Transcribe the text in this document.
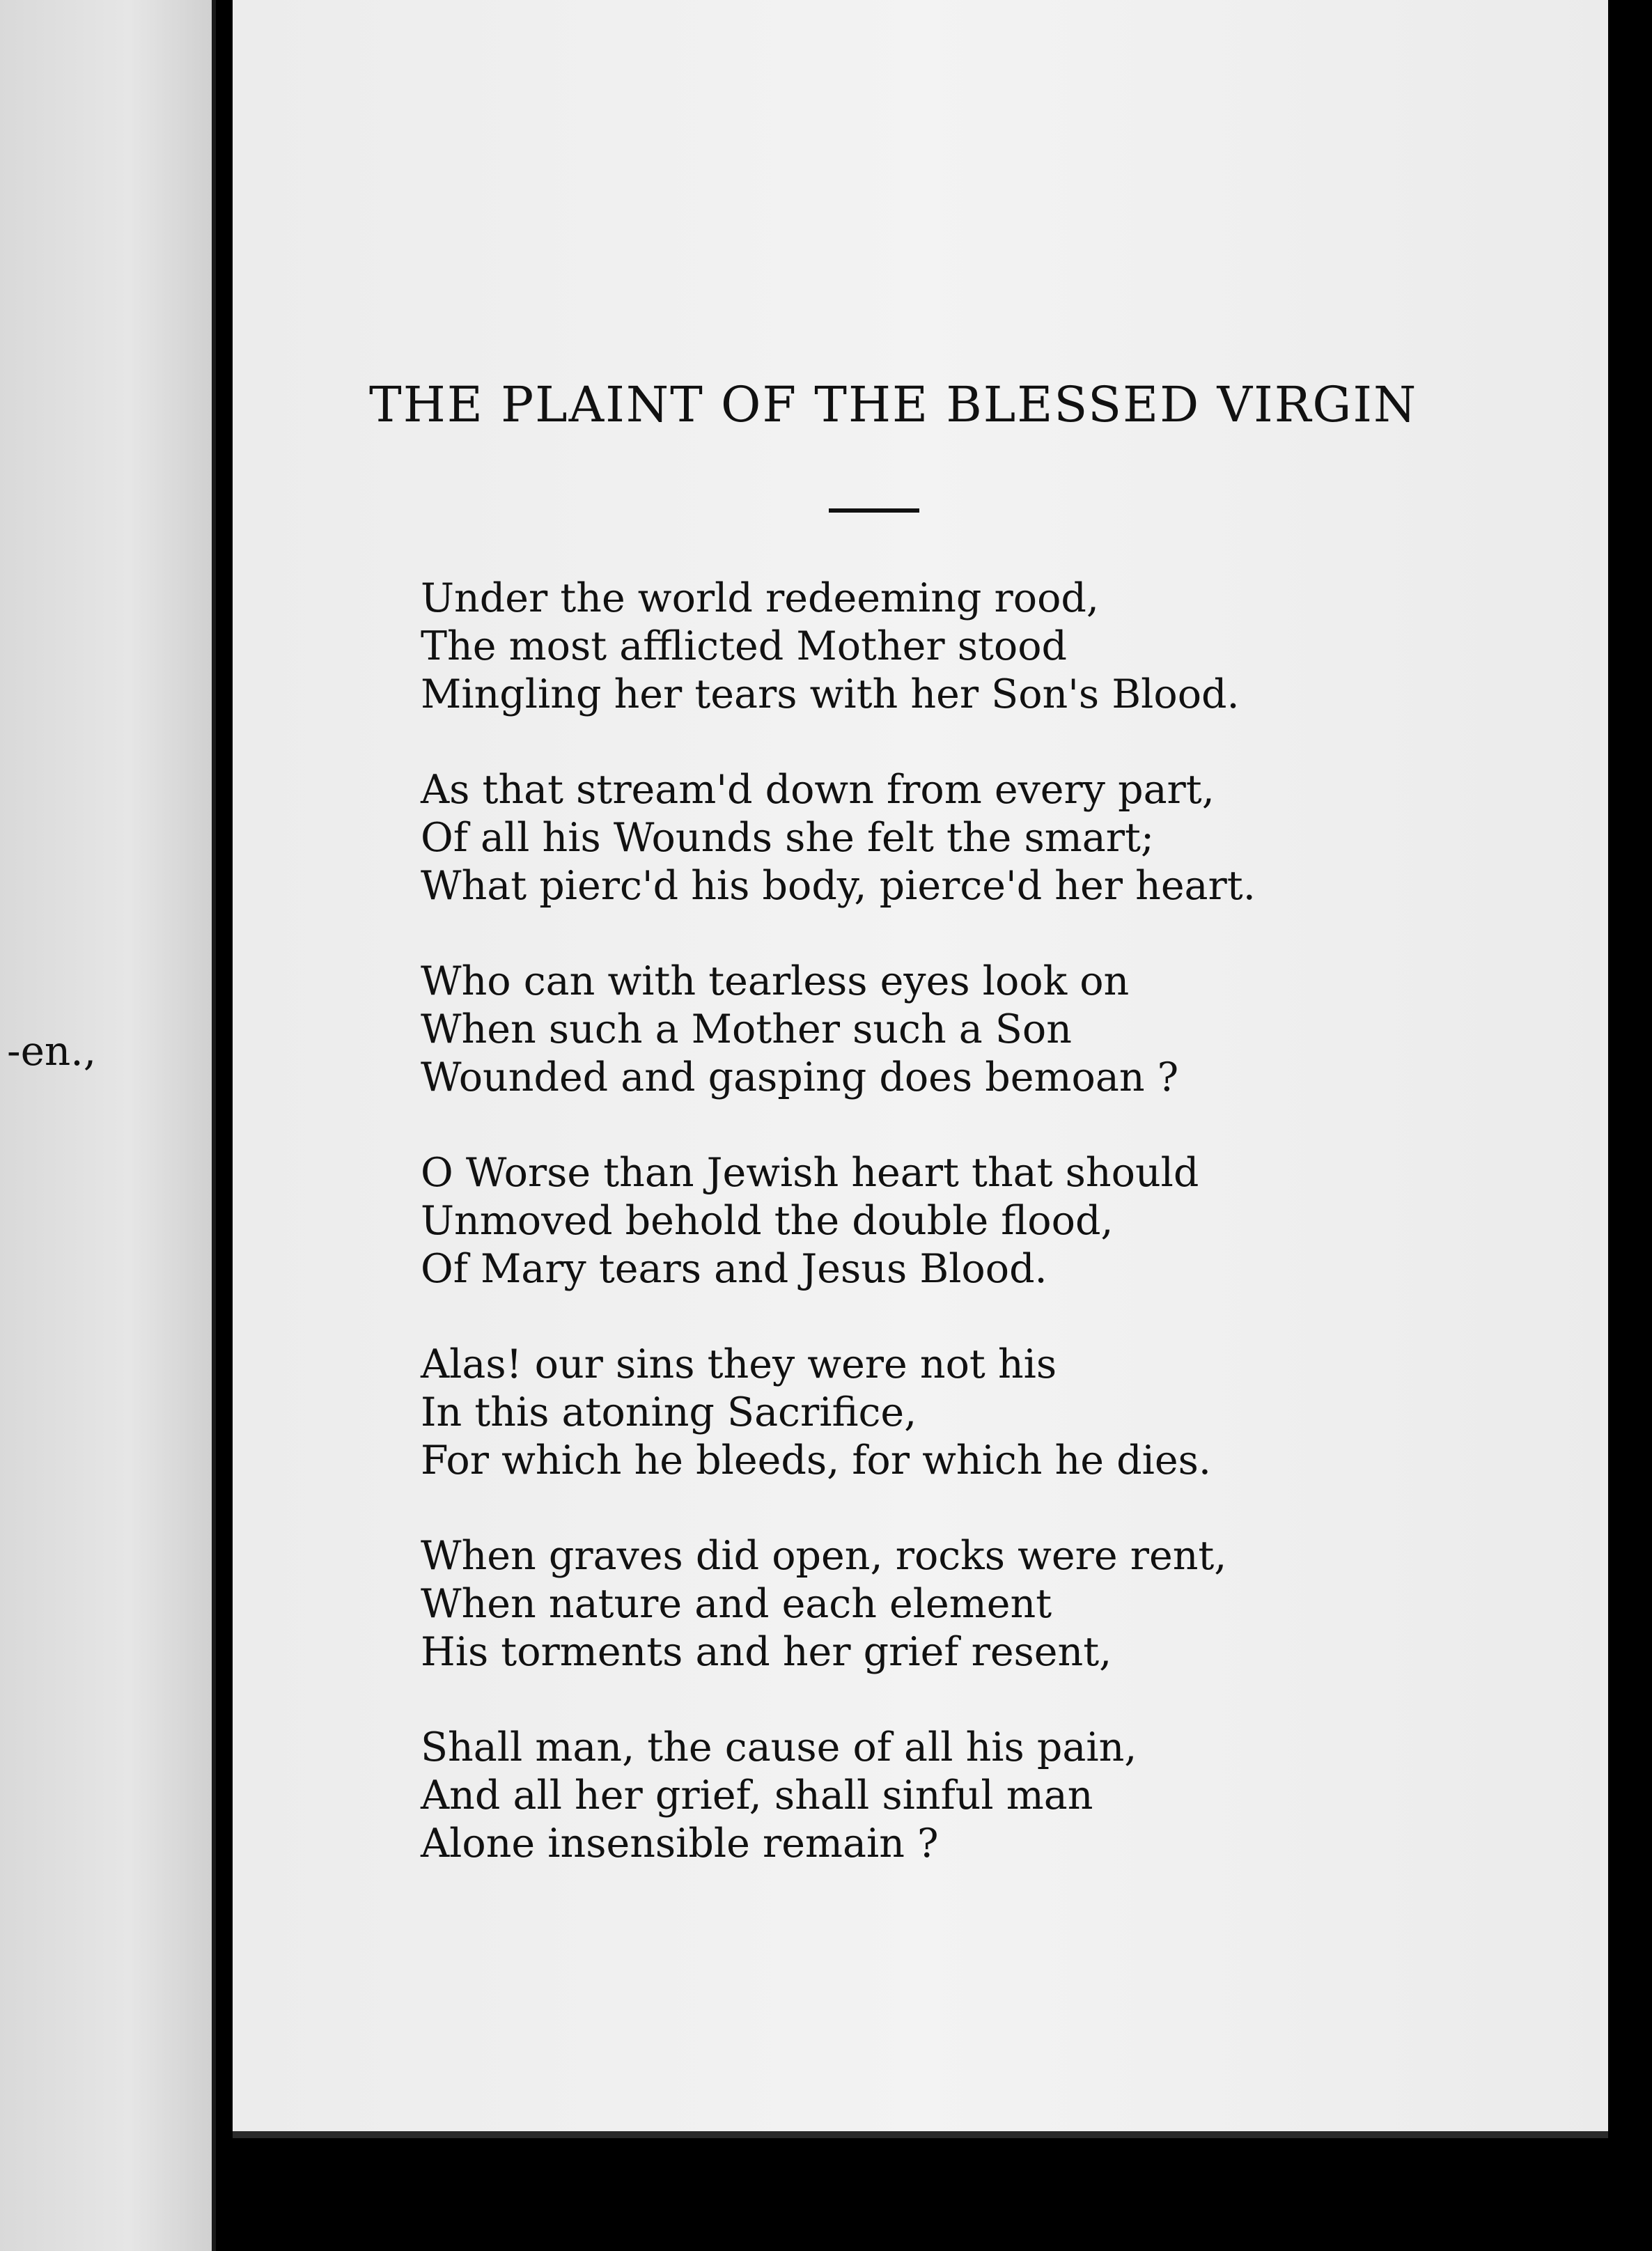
-en.,
THE PLAINT OF THE BLESSED VIRGIN
Under the world redeeming rood,
The most afflicted Mother stood
Mingling her tears with her Son's Blood.
As that stream'd down from every part,
Of all his Wounds she felt the smart;
What pierc'd his body, pierce'd her heart.
Who can with tearless eyes look on
When such a Mother such a Son
Wounded and gasping does bemoan ?
O Worse than Jewish heart that should
Unmoved behold the double flood,
Of Mary tears and Jesus Blood.
Alas! our sins they were not his
In this atoning Sacrifice,
For which he bleeds, for which he dies.
When graves did open, rocks were rent,
When nature and each element
His torments and her grief resent,
Shall man, the cause of all his pain,
And all her grief, shall sinful man
Alone insensible remain ?
